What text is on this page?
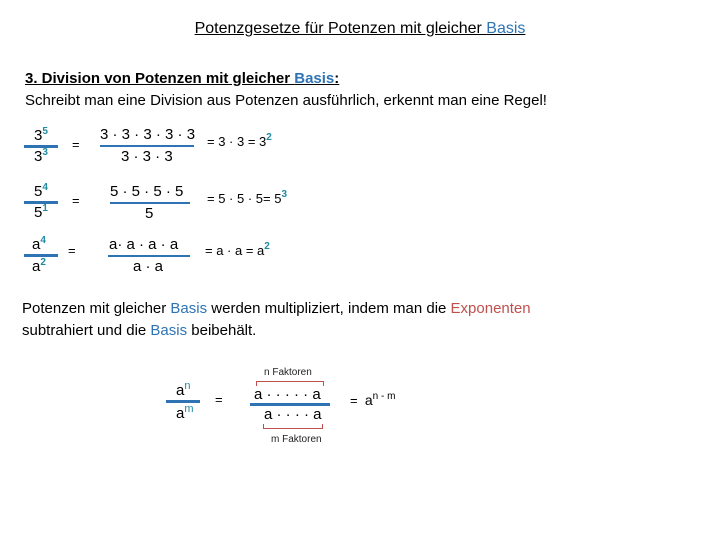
Potenzgesetze für Potenzen mit gleicher Basis
3. Division von Potenzen mit gleicher Basis:
Schreibt man eine Division aus Potenzen ausführlich, erkennt man eine Regel!
$3^5$
$3^3$
=
3 · 3 · 3 · 3 · 3
3 · 3 · 3
= $3 \cdot 3 = 3^2$
$5^4$
$5^1$
=
5 · 5 · 5 · 5
5
= $5 \cdot 5 \cdot 5= 5^3$
$a^4$
$a^2$
= a· a · a · a
a · a
= $a \cdot a = a^2$
Potenzen mit gleicher Basis werden multipliziert, indem man die Exponenten
subtrahiert und die Basis beibehält.
$a^n$
$a^m$
=
n Faktoren
a · · · · · a
a · · · · a
m Faktoren
= $a^{n - m}$
